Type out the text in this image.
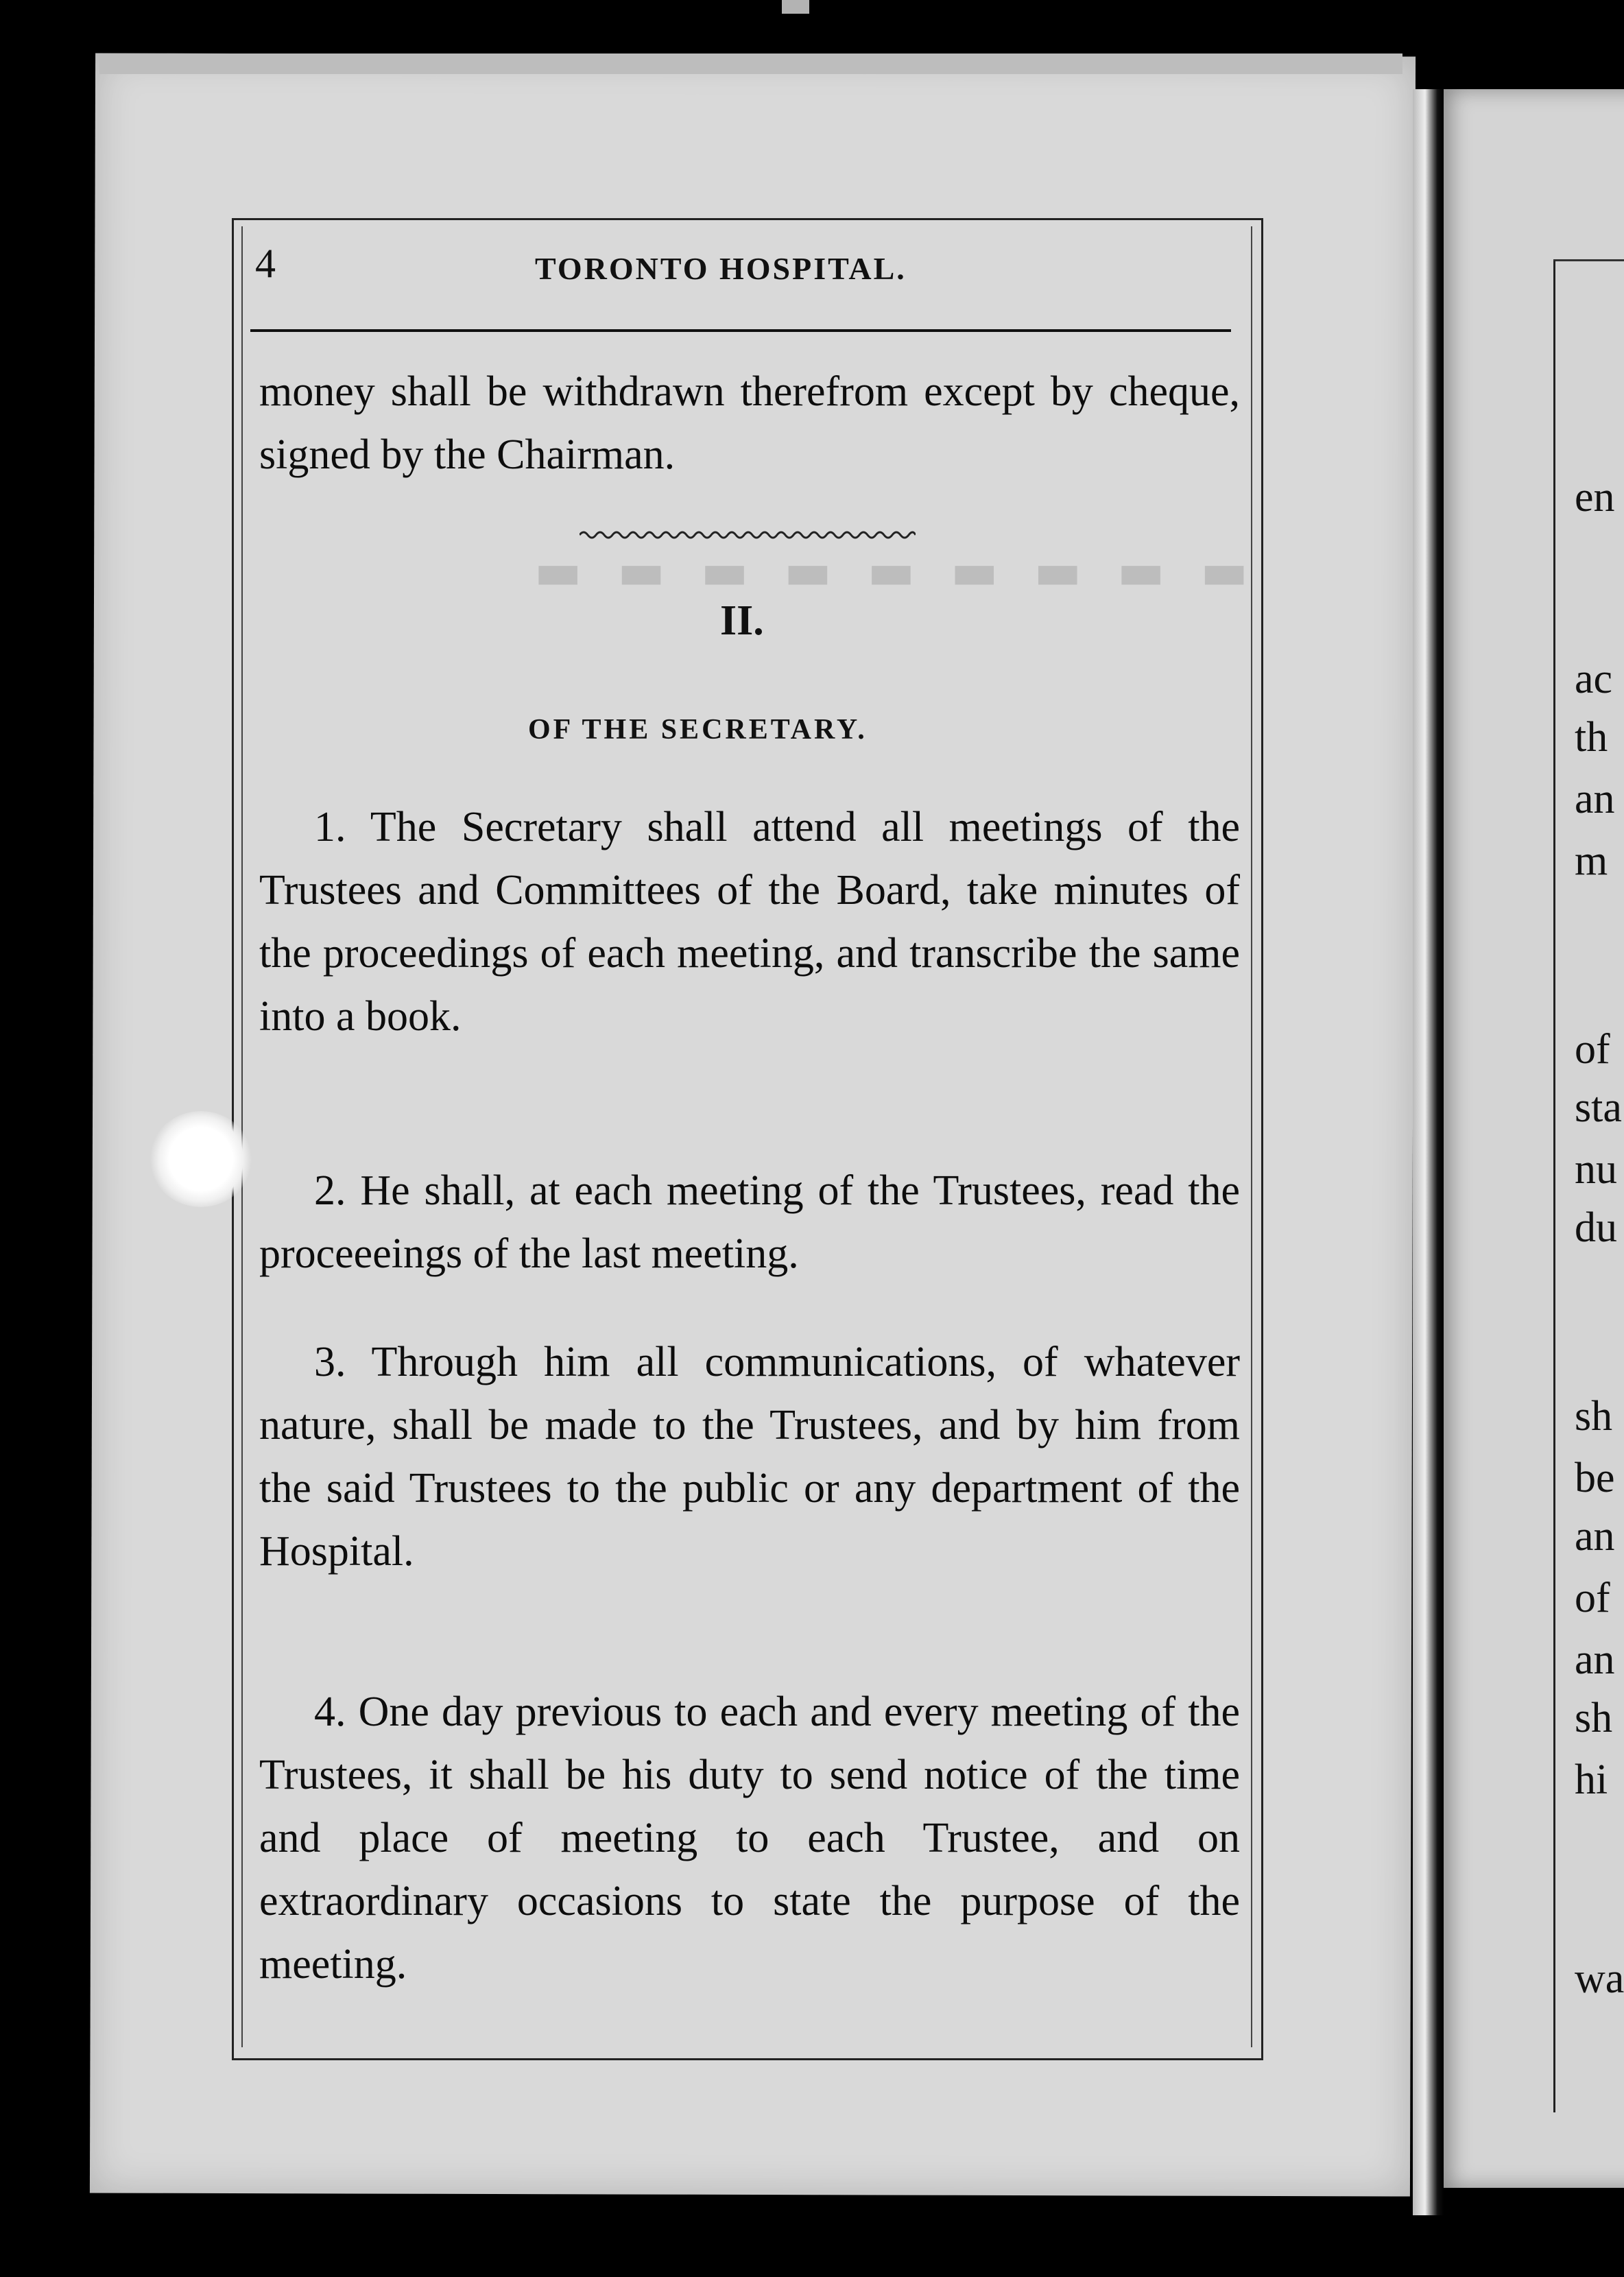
▬ ▬ ▬ ▬ ▬ ▬ ▬ ▬ ▬
4	TORONTO HOSPITAL.

money shall be withdrawn therefrom except by cheque, signed by the Chairman.

II.
OF THE SECRETARY.

1. The Secretary shall attend all meetings of the Trustees and Committees of the Board, take minutes of the proceedings of each meeting, and transcribe the same into a book.

2. He shall, at each meeting of the Trustees, read the proceeeings of the last meeting.

3. Through him all communications, of whatever nature, shall be made to the Trustees, and by him from the said Trustees to the public or any department of the Hospital.

4. One day previous to each and every meeting of the Trustees, it shall be his duty to send notice of the time and place of meeting to each Trustee, and on extraordinary occasions to state the purpose of the meeting.

en
ac
th
an
m
of
sta
nu
du
sh
be
an
of
an
sh
hi
wa
